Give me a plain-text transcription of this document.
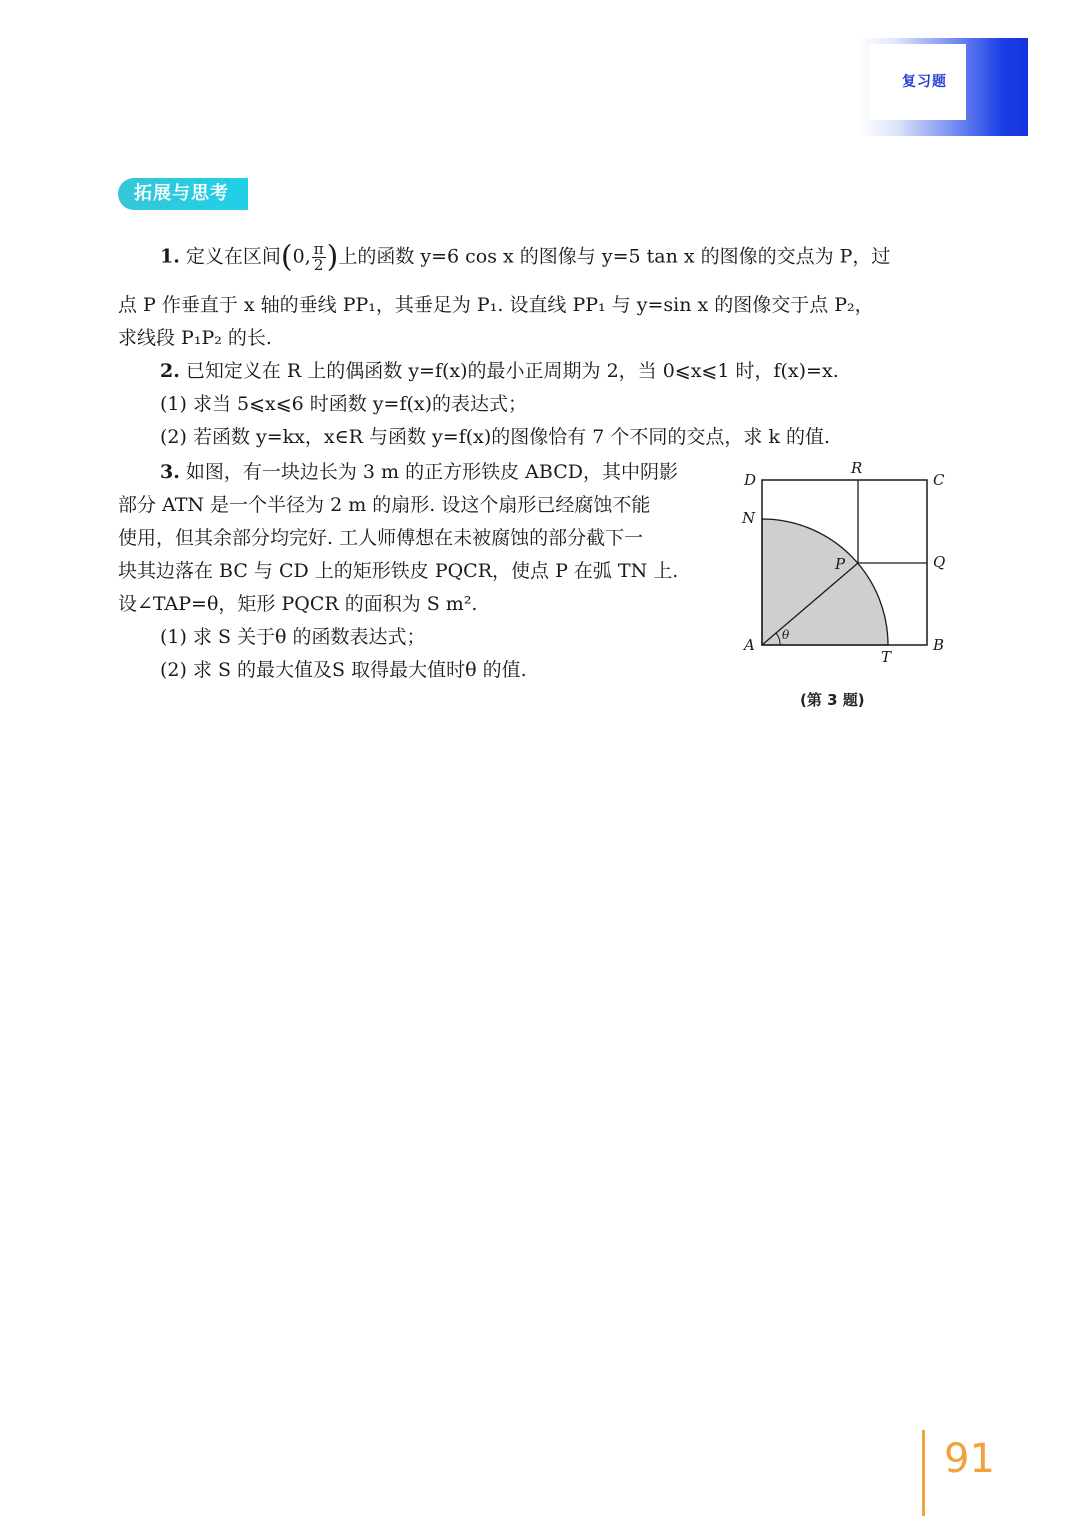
复习题
拓展与思考
1. 定义在区间(0, $\frac{\pi}{2}$ )上的函数 y=6 cos x 的图像与 y=5 tan x 的图像的交点为 P，过
点 P 作垂直于 x 轴的垂线 PP₁，其垂足为 P₁. 设直线 PP₁ 与 y=sin x 的图像交于点 P₂，
求线段 P₁P₂ 的长.
2. 已知定义在 R 上的偶函数 y=f(x)的最小正周期为 2，当 0⩽x⩽1 时，f(x)=x.
(1) 求当 5⩽x⩽6 时函数 y=f(x)的表达式；
(2) 若函数 y=kx，x∈R 与函数 y=f(x)的图像恰有 7 个不同的交点，求 k 的值.
3. 如图，有一块边长为 3 m 的正方形铁皮 ABCD，其中阴影
部分 ATN 是一个半径为 2 m 的扇形. 设这个扇形已经腐蚀不能
使用，但其余部分均完好. 工人师傅想在未被腐蚀的部分截下一
块其边落在 BC 与 CD 上的矩形铁皮 PQCR，使点 P 在弧 TN 上.
设∠TAP=θ，矩形 PQCR 的面积为 S m².
(1) 求 S 关于θ 的函数表达式；
(2) 求 S 的最大值及S 取得最大值时θ 的值.
A	B
C
D
N
P	Q
R
T
θ
(第 3 题)
91
